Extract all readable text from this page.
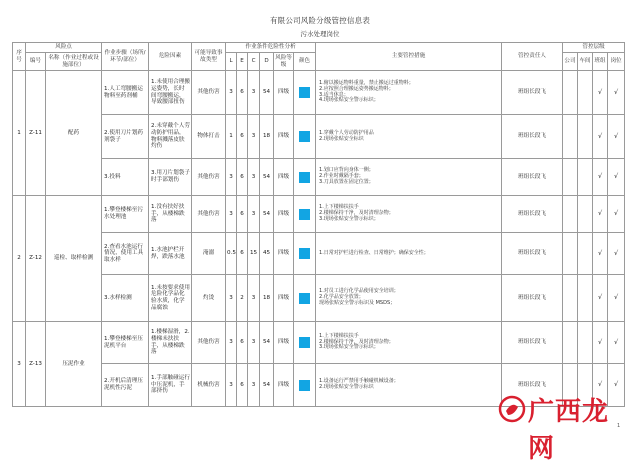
有限公司风险分级管控信息表
污水处理岗位
序号	风险点		作业步骤（场所/环节/部位）	危险因素	可能导致事故类型	作业条件危险性分析						主要管控措施	管控责任人	管控层级			
	编号	名称（作业过程或设施部位）				L	E	C	D	风险等级	颜色			公司	车间	班组	岗位
1	Z-11	配药	1.人工弯腰搬运物料至药剂桶	1.未使用合理搬运姿势，长时间弯腰搬运，导致腰部扭伤	其他伤害	3	6	3	54	四级		1.俯以搬运物料重量，禁止搬运过重物料；
2.应按照合理搬运姿势搬运物料；
3.适当休息；
4.现场张贴安全警示标识；	班组长段飞			√	√
			2.使用刀片划药剂袋子	2.未穿戴个人劳动防护用品，物料溅落皮肤灼伤	物体打击	1	6	3	18	四级		1.穿戴个人劳动防护用品
2.现场张贴安全标识	班组长段飞			√	√
			3.投料	3.用刀片划袋子时手部划伤	其他伤害	3	6	3	54	四级		1.划口应背向身体一侧；
2.作业时戴隔手套；
3.刀具放置在固定位置；	班组长段飞			√	√
2	Z-12	巡检、取样检测	1.攀登楼梯至污水处理池	1.没有扶好扶手，从楼梯跌落	其他伤害	3	6	3	54	四级		1.上下楼梯扶扶手
2.楼梯保持干净，及时清理杂物；
3.现场张贴安全警示标识；	班组长段飞			√	√
			2.查看水池运行情况，使用工具取水样	1.水池护栏开焊，跌落水池	淹溺	0.5	6	15	45	四级		1.日常对护栏进行检查、日常维护；确保安全性；	班组长段飞			√	√
			3.水样检测	1.未按要求使用危险化学品化验水质，化学品腐蚀	灼烫	3	2	3	18	四级		1.对员工进行化学品使用安全培训；
2.化学品安全放置；
现场张贴安全警示标识及 MSDS；	班组长段飞			√	√
3	Z-13	压泥作业	1.攀登楼梯至压泥机平台	1.楼梯湿滑，2.楼梯未扶扶手，从楼梯跌落	其他伤害	3	6	3	54	四级		1.上下楼梯扶扶手
2.楼梯保持干净，及时清理杂物；
3.现场张贴安全警示标识；	班组长段飞			√	√
			2.开机后清理压泥机性污泥	1.手部触碰运行中压泥机，手部挤伤	机械伤害	3	6	3	54	四级		1.设备运行严禁用手触碰机械设备；
2.现场张贴安全警示标识	班组长段飞			√	√
广西龙网
1
